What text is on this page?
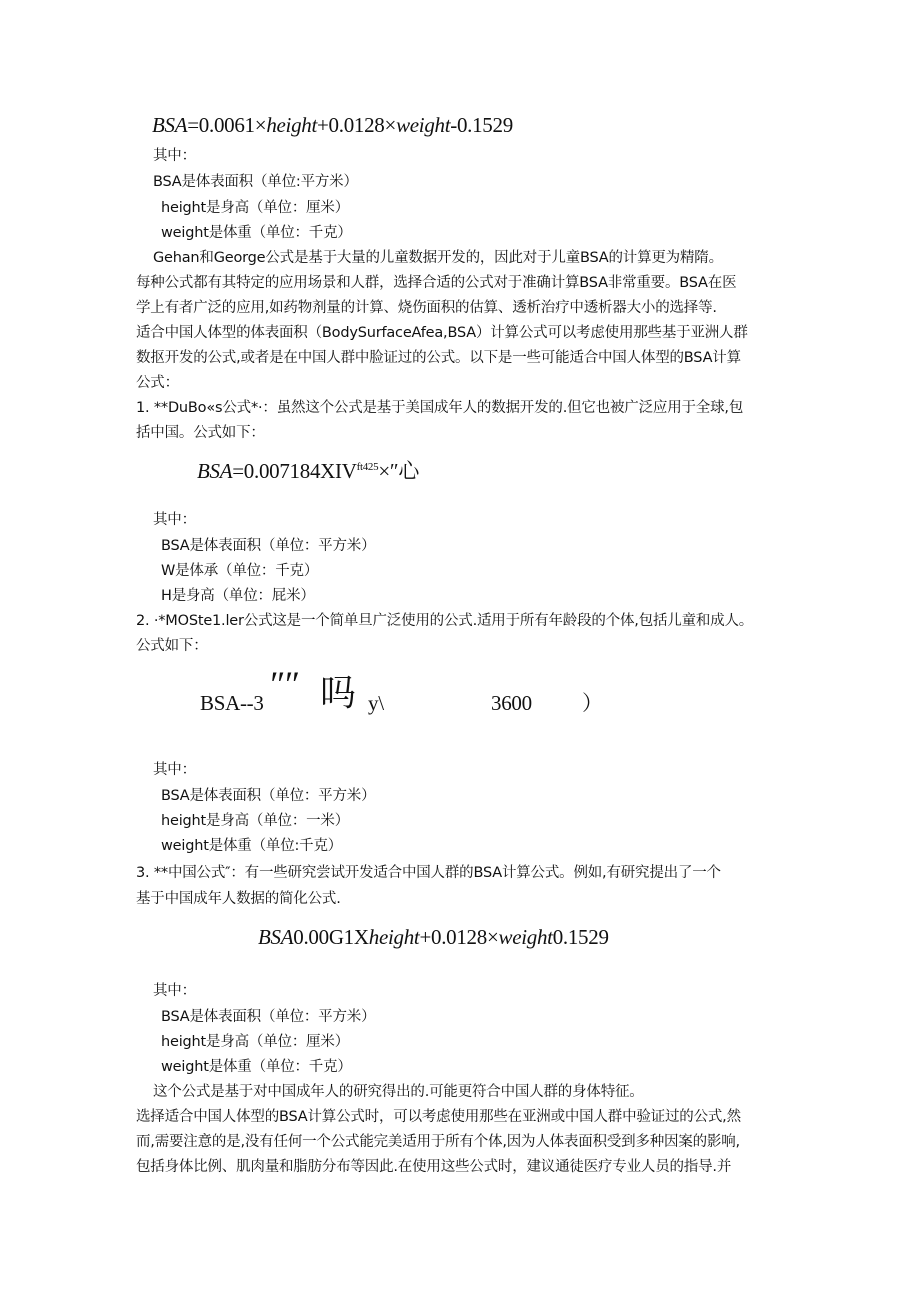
BSA=0.0061×height+0.0128×weight-0.1529
其中：
BSA是体表面积（单位:平方米）
height是身高（单位：厘米）
weight是体重（单位：千克）
Gehan和George公式是基于大量的儿童数据开发的，因此对于儿童BSA的计算更为精隋。
每种公式都有其特定的应用场景和人群，选择合适的公式对于准确计算BSA非常重要。BSA在医
学上有者广泛的应用,如药物剂量的计算、烧伤面积的估算、透析治疗中透析器大小的选择等.
适合中国人体型的体表面积（BodySurfaceAfea,BSA）计算公式可以考虑使用那些基于亚洲人群
数抠开发的公式,或者是在中国人群中脸证过的公式。以下是一些可能适合中国人体型的BSA计算
公式：
1. **DuBo«s公式*·：虽然这个公式是基于美国成年人的数据开发的.但它也被广泛应用于全球,包
括中国。公式如下：
$BSA=0.007184XIV^{ft425}\times''$心
其中：
BSA是体表面积（单位：平方米）
W是体承（单位：千克）
H是身高（单位：屁米）
2. ·*MOSte1.ler公式这是一个简单旦广泛使用的公式.适用于所有年龄段的个体,包括儿童和成人。
公式如下：
BSA--3 ″″ 吗 y\	3600 ）
其中：
BSA是体表面积（单位：平方米）
height是身高（单位：一米）
weight是体重（单位:千克）
3. **中国公式″：有一些研究尝试开发适合中国人群的BSA计算公式。例如,有研究提出了一个
基于中国成年人数据的简化公式.
BSA0.00G1Xheight+0.0128×weight0.1529
其中：
BSA是体表面积（单位：平方米）
height是身高（单位：厘米）
weight是体重（单位：千克）
这个公式是基于对中国成年人的研究得出的.可能更符合中国人群的身体特征。
选择适合中国人体型的BSA计算公式时，可以考虑使用那些在亚洲或中国人群中验证过的公式,然
而,需要注意的是,没有任何一个公式能完美适用于所有个体,因为人体表面积受到多种因案的影响,
包括身体比例、肌肉量和脂肪分布等因此.在使用这些公式时，建议通徒医疗专业人员的指导.并
